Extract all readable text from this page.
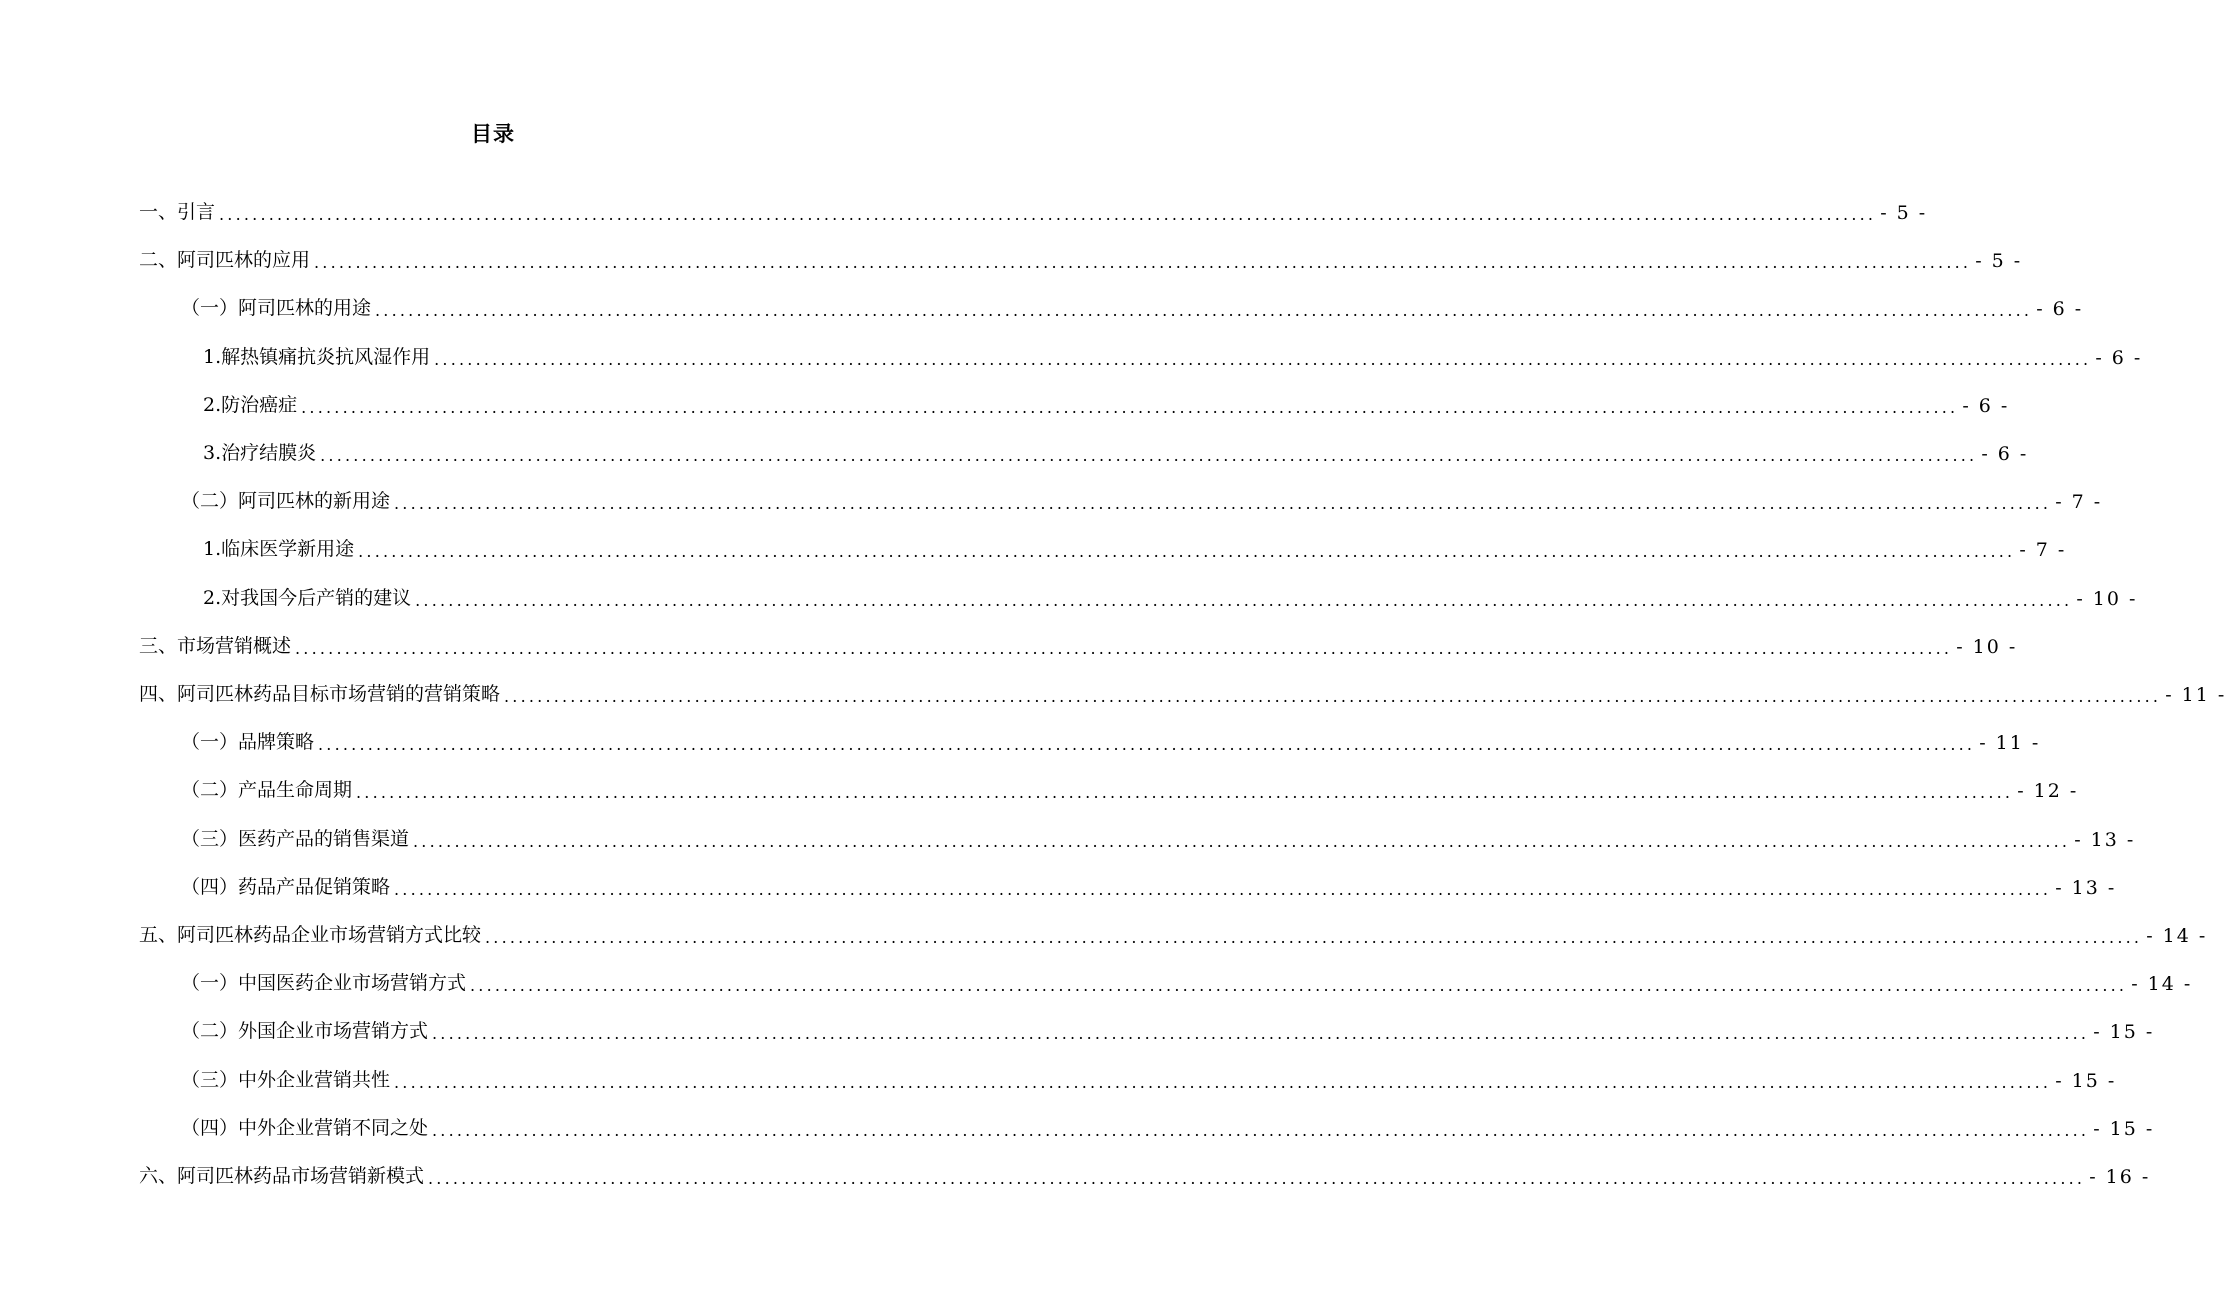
目录
一、引言 ........................................................................................................................................................................................................ - 5 -
二、阿司匹林的应用 ........................................................................................................................................................................................................ - 5 -
（一）阿司匹林的用途 ........................................................................................................................................................................................................ - 6 -
1.解热镇痛抗炎抗风湿作用 ........................................................................................................................................................................................................ - 6 -
2.防治癌症 ........................................................................................................................................................................................................ - 6 -
3.治疗结膜炎 ........................................................................................................................................................................................................ - 6 -
（二）阿司匹林的新用途 ........................................................................................................................................................................................................ - 7 -
1.临床医学新用途 ........................................................................................................................................................................................................ - 7 -
2.对我国今后产销的建议 ........................................................................................................................................................................................................ - 10 -
三、市场营销概述 ........................................................................................................................................................................................................ - 10 -
四、阿司匹林药品目标市场营销的营销策略 ........................................................................................................................................................................................................ - 11 -
（一）品牌策略 ........................................................................................................................................................................................................ - 11 -
（二）产品生命周期 ........................................................................................................................................................................................................ - 12 -
（三）医药产品的销售渠道 ........................................................................................................................................................................................................ - 13 -
（四）药品产品促销策略 ........................................................................................................................................................................................................ - 13 -
五、阿司匹林药品企业市场营销方式比较 ........................................................................................................................................................................................................ - 14 -
（一）中国医药企业市场营销方式 ........................................................................................................................................................................................................ - 14 -
（二）外国企业市场营销方式 ........................................................................................................................................................................................................ - 15 -
（三）中外企业营销共性 ........................................................................................................................................................................................................ - 15 -
（四）中外企业营销不同之处 ........................................................................................................................................................................................................ - 15 -
六、阿司匹林药品市场营销新模式 ........................................................................................................................................................................................................ - 16 -
